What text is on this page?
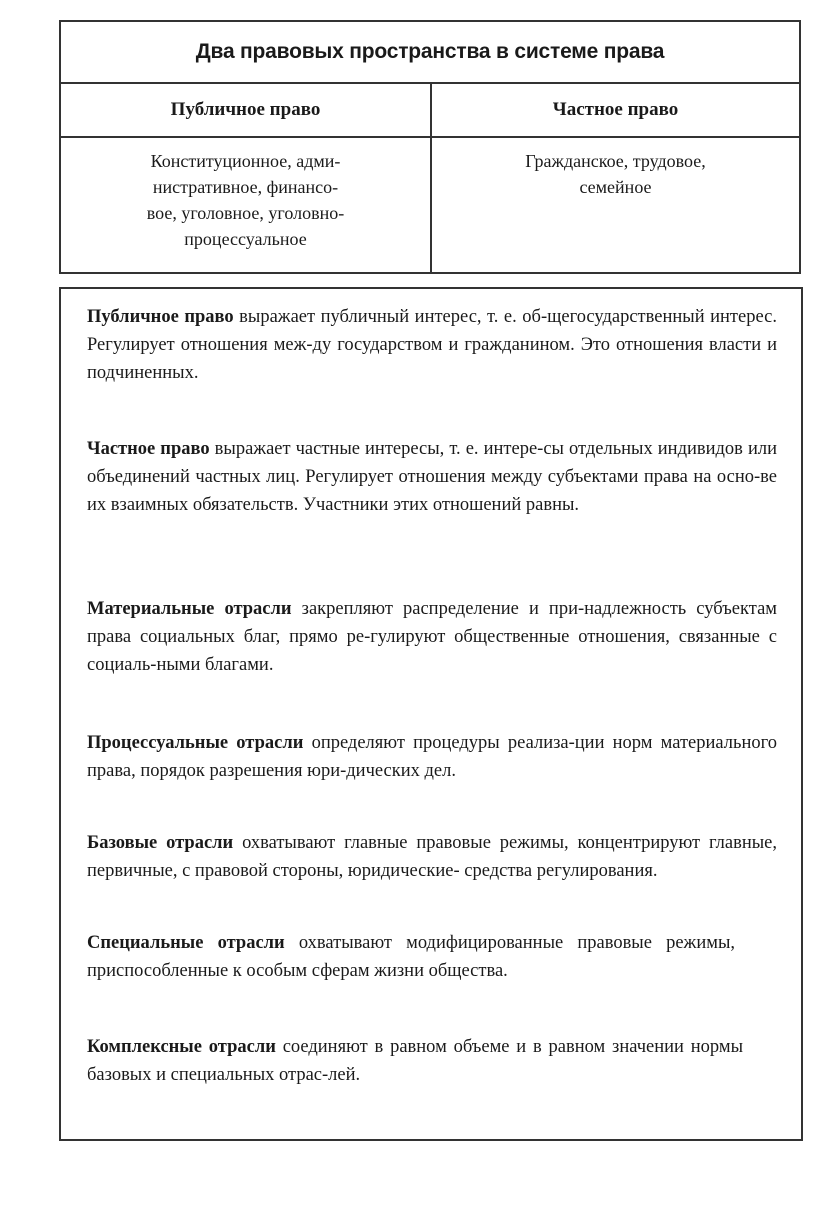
Два правовых пространства в системе права
Публичное право	Частное право
Конституционное, адми-
нистративное, финансо-
вое, уголовное, уголовно-
процессуальное
Гражданское, трудовое,
семейное

Публичное право выражает публичный интерес, т. е. об-щегосударственный интерес. Регулирует отношения меж-ду государством и гражданином. Это отношения власти и подчиненных.

Частное право выражает частные интересы, т. е. интере-сы отдельных индивидов или объединений частных лиц. Регулирует отношения между субъектами права на осно-ве их взаимных обязательств. Участники этих отношений равны.

Материальные отрасли закрепляют распределение и при-надлежность субъектам права социальных благ, прямо ре-гулируют общественные отношения, связанные с социаль-ными благами.

Процессуальные отрасли определяют процедуры реализа-ции норм материального права, порядок разрешения юри-дических дел.

Базовые отрасли охватывают главные правовые режимы, концентрируют главные, первичные, с правовой стороны, юридические- средства регулирования.

Специальные отрасли охватывают модифицированные правовые режимы, приспособленные к особым сферам жизни общества.

Комплексные отрасли соединяют в равном объеме и в равном значении нормы базовых и специальных отрас-лей.
